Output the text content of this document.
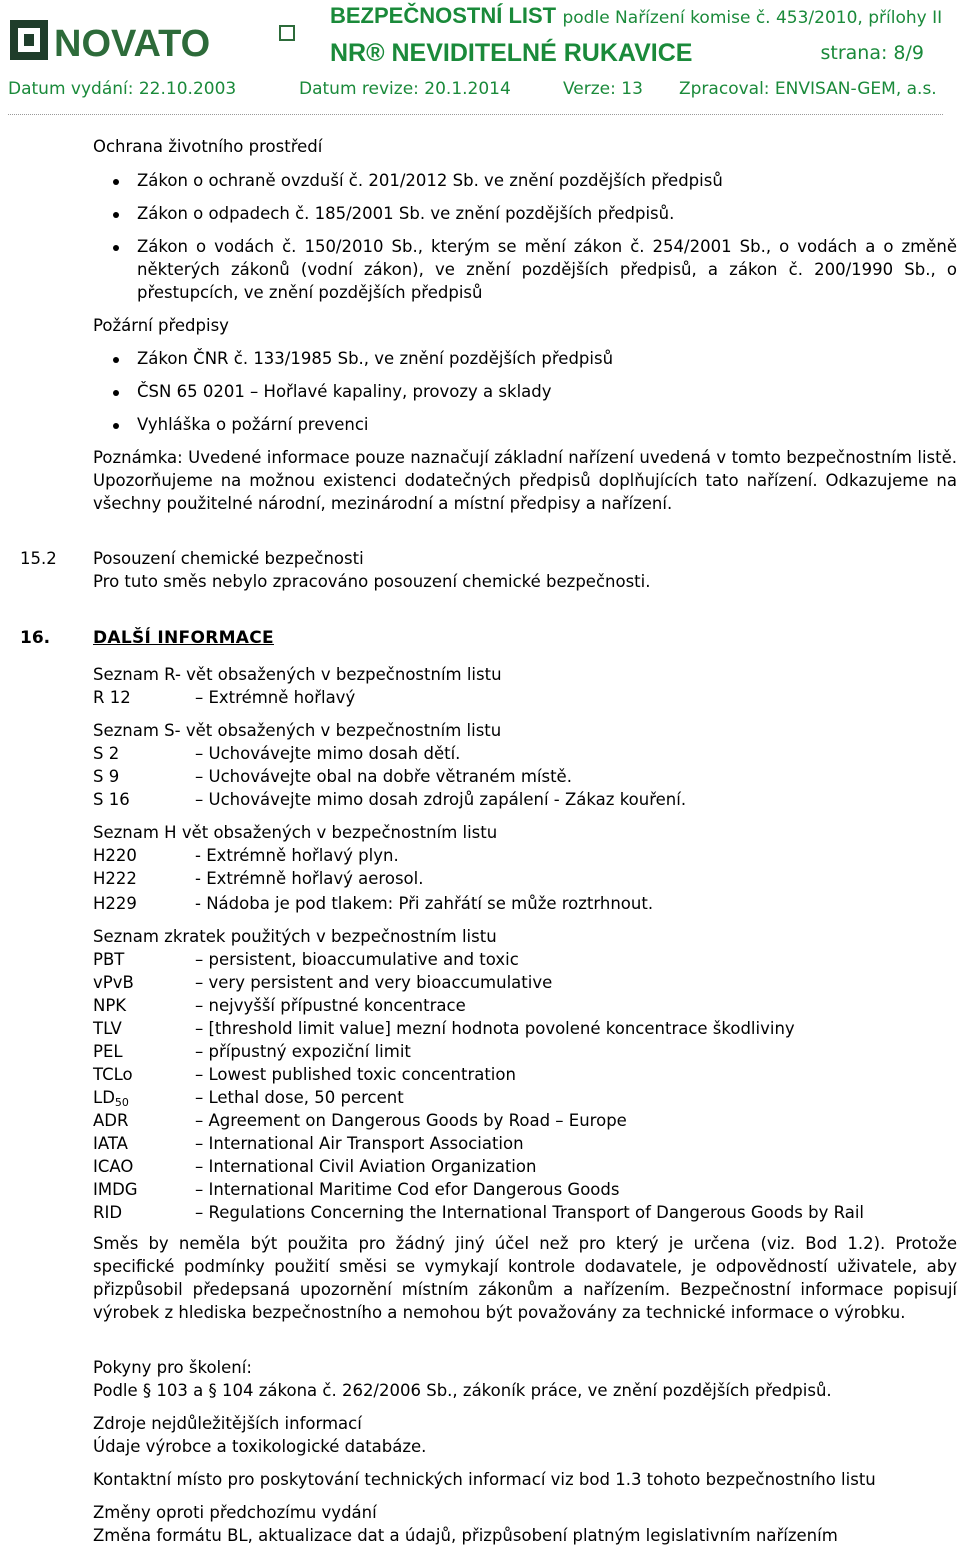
NOVATO
BEZPEČNOSTNÍ LIST podle Nařízení komise č. 453/2010, přílohy II
NR® NEVIDITELNÉ RUKAVICE	strana: 8/9
Datum vydání: 22.10.2003	Datum revize: 20.1.2014	Verze: 13 Zpracoval: ENVISAN-GEM, a.s.
Ochrana životního prostředí
Zákon o ochraně ovzduší č. 201/2012 Sb. ve znění pozdějších předpisů
Zákon o odpadech č. 185/2001 Sb. ve znění pozdějších předpisů.
Zákon o vodách č. 150/2010 Sb., kterým se mění zákon č. 254/2001 Sb., o vodách a o změně některých zákonů (vodní zákon), ve znění pozdějších předpisů, a zákon č. 200/1990 Sb., o přestupcích, ve znění pozdějších předpisů
Požární předpisy
Zákon ČNR č. 133/1985 Sb., ve znění pozdějších předpisů
ČSN 65 0201 – Hořlavé kapaliny, provozy a sklady
Vyhláška o požární prevenci
Poznámka: Uvedené informace pouze naznačují základní nařízení uvedená v tomto bezpečnostním listě. Upozorňujeme na možnou existenci dodatečných předpisů doplňujících tato nařízení. Odkazujeme na všechny použitelné národní, mezinárodní a místní předpisy a nařízení.
15.2 Posouzení chemické bezpečnosti
Pro tuto směs nebylo zpracováno posouzení chemické bezpečnosti.
16.	DALŠÍ INFORMACE
Seznam R- vět obsažených v bezpečnostním listu
R 12	– Extrémně hořlavý
Seznam S- vět obsažených v bezpečnostním listu
S 2	– Uchovávejte mimo dosah dětí.
S 9	– Uchovávejte obal na dobře větraném místě.
S 16	– Uchovávejte mimo dosah zdrojů zapálení - Zákaz kouření.
Seznam H vět obsažených v bezpečnostním listu
H220	- Extrémně hořlavý plyn.
H222	- Extrémně hořlavý aerosol.
H229	- Nádoba je pod tlakem: Při zahřátí se může roztrhnout.
Seznam zkratek použitých v bezpečnostním listu
PBT	– persistent, bioaccumulative and toxic
vPvB	– very persistent and very bioaccumulative
NPK	– nejvyšší přípustné koncentrace
TLV	– [threshold limit value] mezní hodnota povolené koncentrace škodliviny
PEL	– přípustný expoziční limit
TCLo	– Lowest published toxic concentration
$LD_{50}$	– Lethal dose, 50 percent
ADR	– Agreement on Dangerous Goods by Road – Europe
IATA	– International Air Transport Association
ICAO	– International Civil Aviation Organization
IMDG	– International Maritime Cod efor Dangerous Goods
RID	– Regulations Concerning the International Transport of Dangerous Goods by Rail
Směs by neměla být použita pro žádný jiný účel než pro který je určena (viz. Bod 1.2). Protože specifické podmínky použití směsi se vymykají kontrole dodavatele, je odpovědností uživatele, aby přizpůsobil předepsaná upozornění místním zákonům a nařízením. Bezpečnostní informace popisují výrobek z hlediska bezpečnostního a nemohou být považovány za technické informace o výrobku.
Pokyny pro školení:
Podle § 103 a § 104 zákona č. 262/2006 Sb., zákoník práce, ve znění pozdějších předpisů.
Zdroje nejdůležitějších informací
Údaje výrobce a toxikologické databáze.
Kontaktní místo pro poskytování technických informací viz bod 1.3 tohoto bezpečnostního listu
Změny oproti předchozímu vydání
Změna formátu BL, aktualizace dat a údajů, přizpůsobení platným legislativním nařízením
